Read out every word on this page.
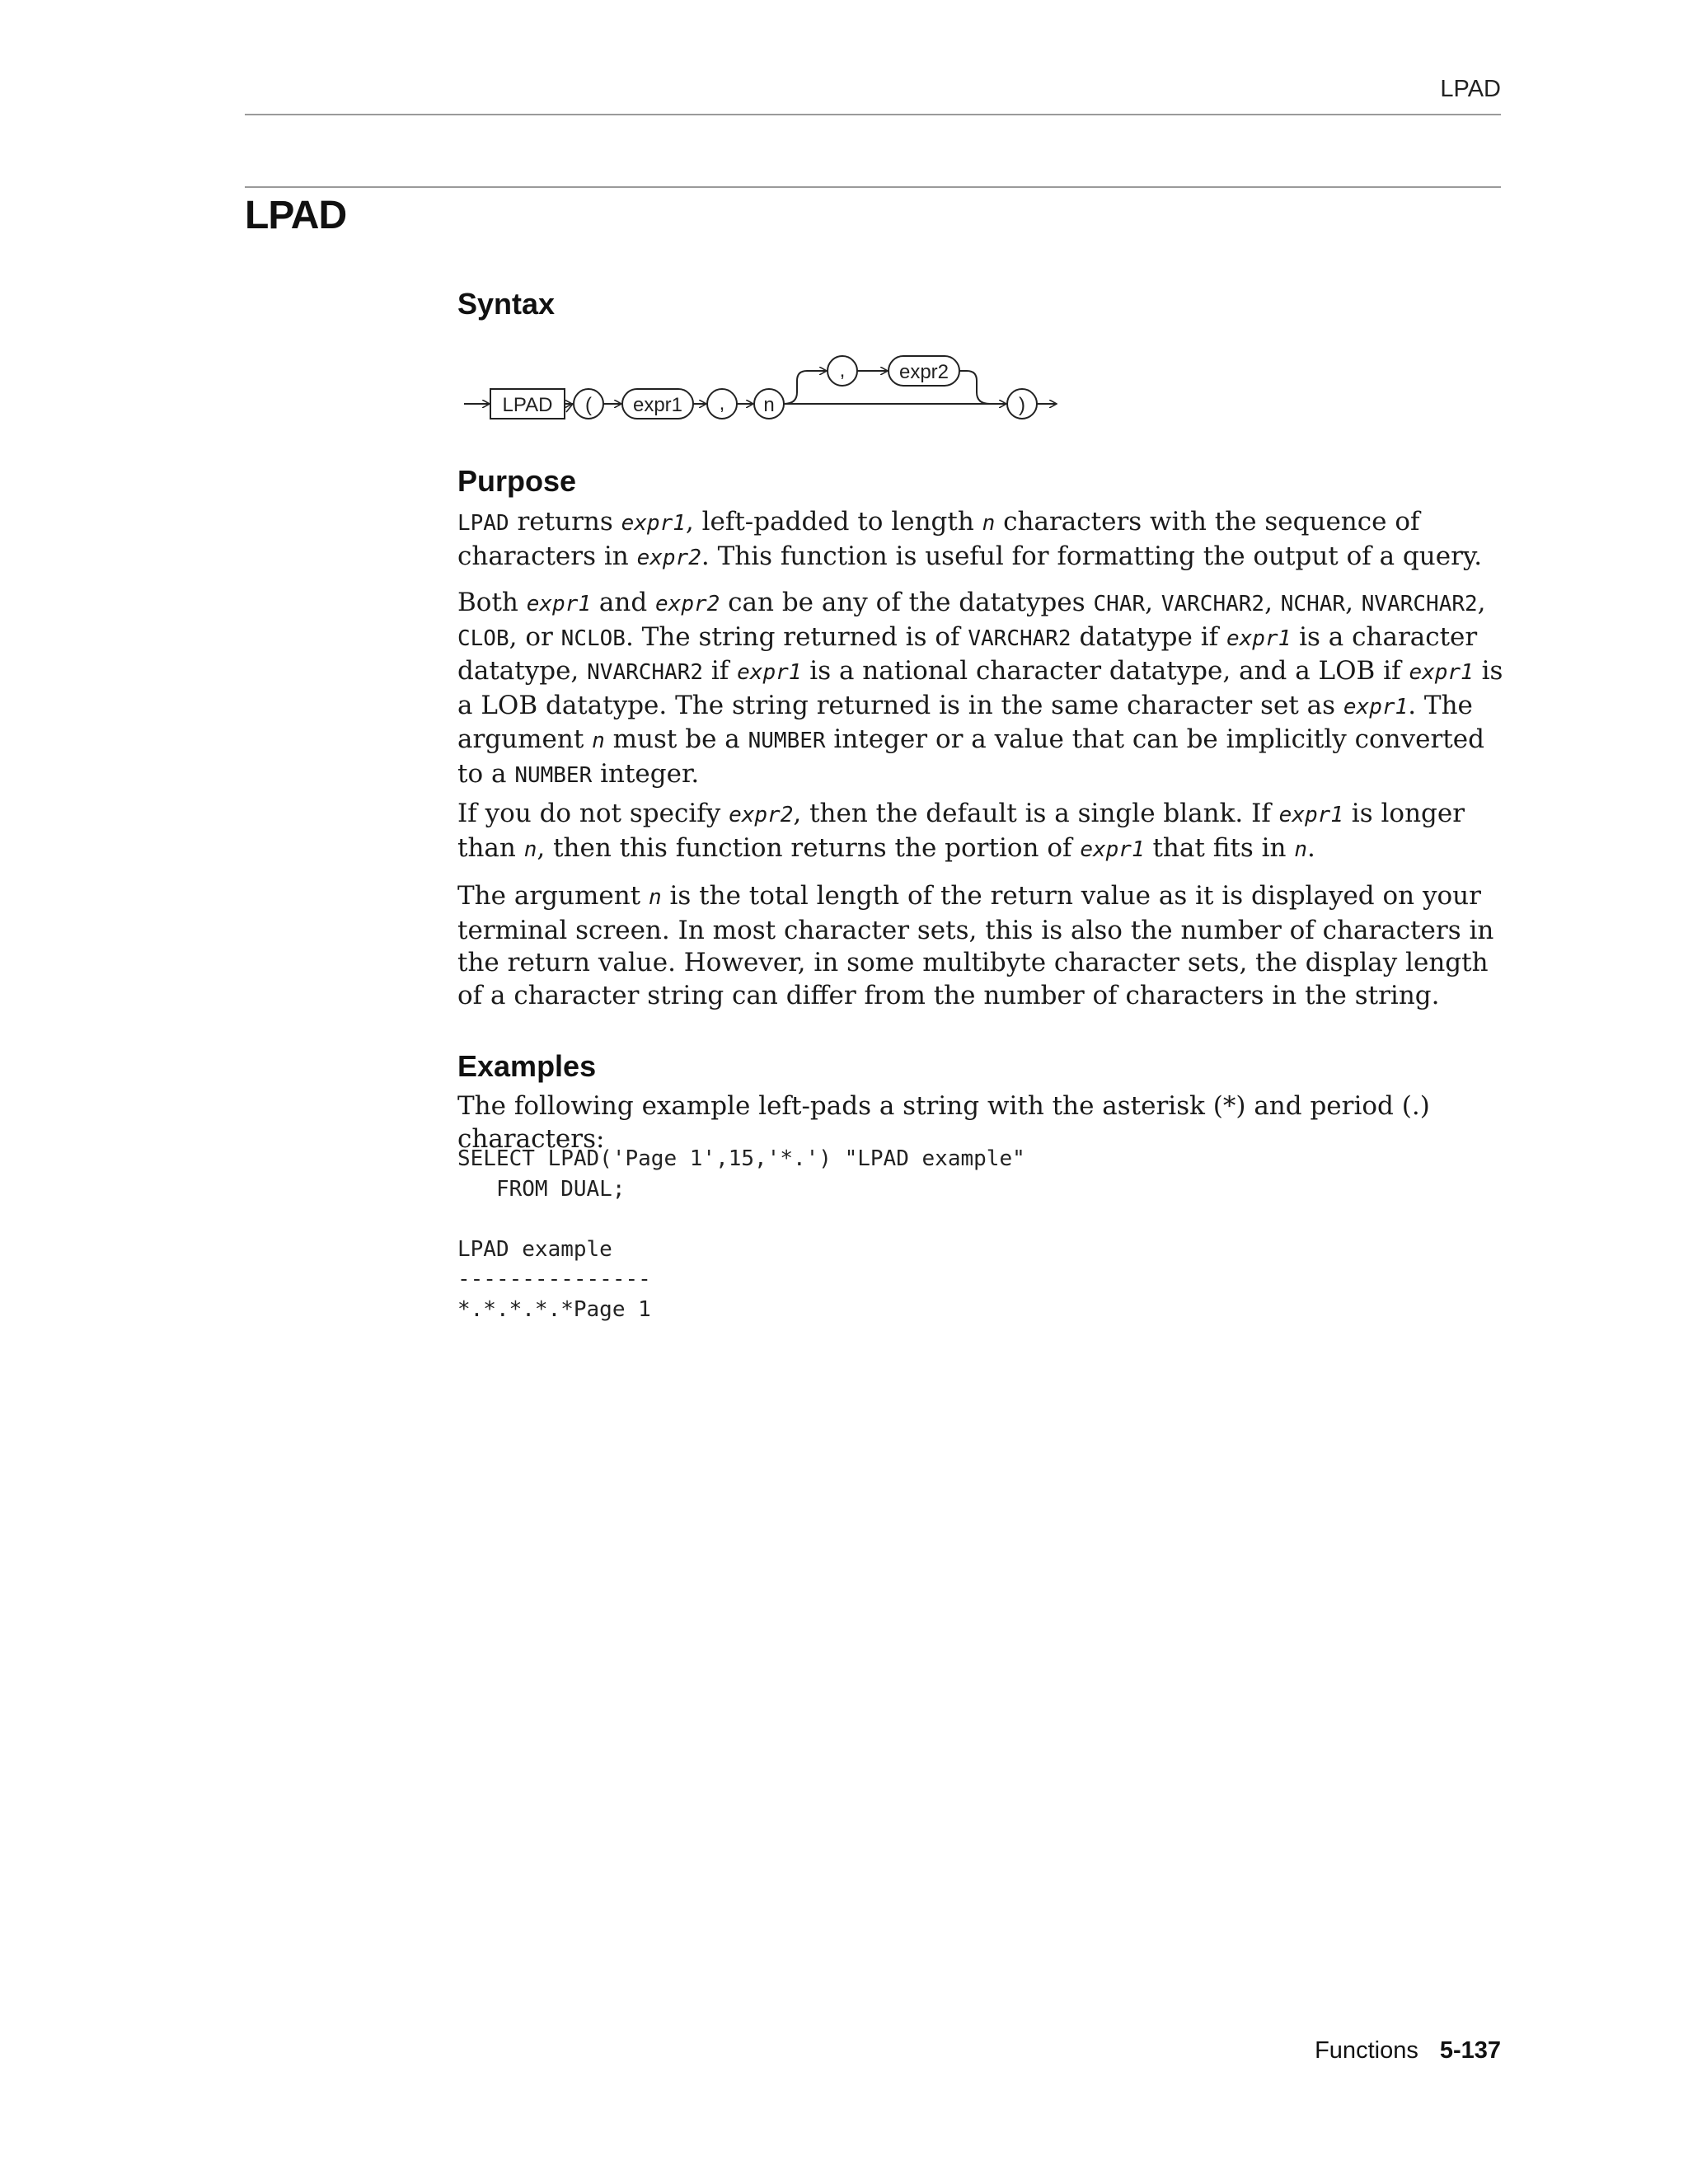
LPAD
LPAD
LPAD ( expr1 , n
,	expr2
)
Syntax
Purpose

LPAD returns expr1, left-padded to length n characters with the sequence of characters in expr2. This function is useful for formatting the output of a query.

Both expr1 and expr2 can be any of the datatypes CHAR, VARCHAR2, NCHAR, NVARCHAR2, CLOB, or NCLOB. The string returned is of VARCHAR2 datatype if expr1 is a character datatype, NVARCHAR2 if expr1 is a national character datatype, and a LOB if expr1 is a LOB datatype. The string returned is in the same character set as expr1. The argument n must be a NUMBER integer or a value that can be implicitly converted to a NUMBER integer.

If you do not specify expr2, then the default is a single blank. If expr1 is longer than n, then this function returns the portion of expr1 that fits in n.

The argument n is the total length of the return value as it is displayed on your terminal screen. In most character sets, this is also the number of characters in the return value. However, in some multibyte character sets, the display length of a character string can differ from the number of characters in the string.

Examples

The following example left-pads a string with the asterisk (*) and period (.) characters:

SELECT LPAD('Page 1',15,'*.') "LPAD example"
FROM DUAL;

LPAD example
---------------
*.*.*.*.*Page 1
Functions 5-137
